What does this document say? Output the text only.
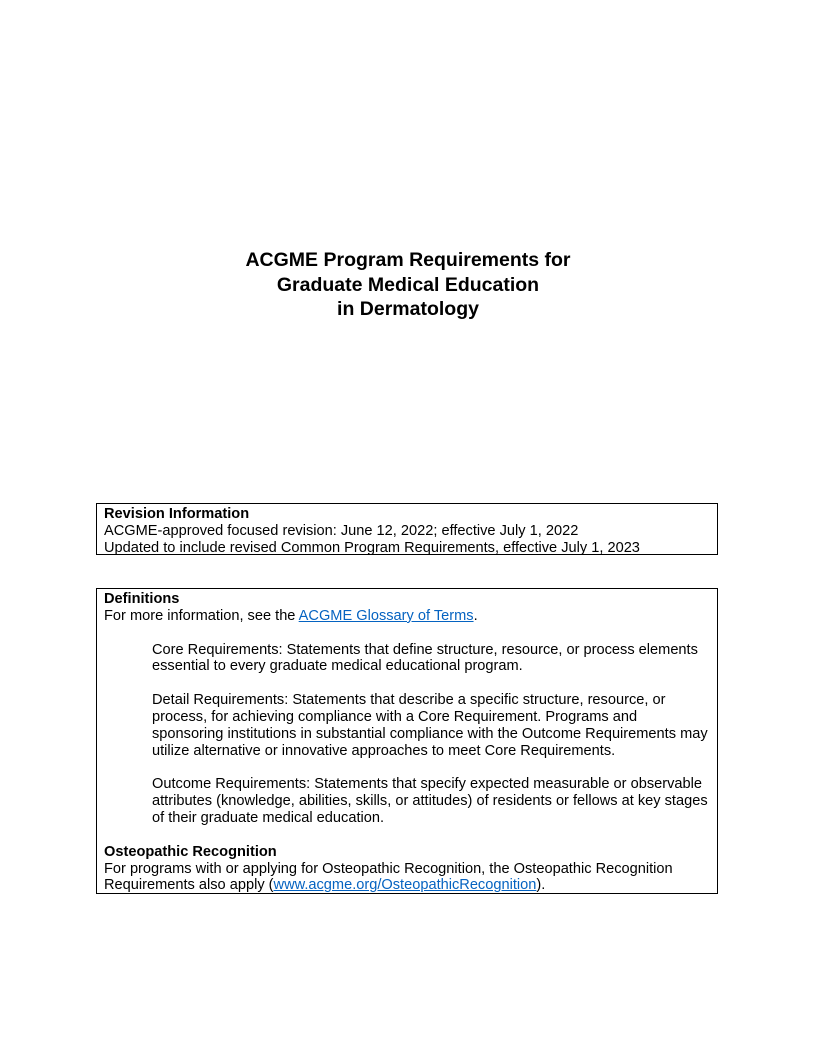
ACGME Program Requirements for

Graduate Medical Education

in Dermatology

Revision Information

ACGME-approved focused revision: June 12, 2022; effective July 1, 2022

Updated to include revised Common Program Requirements, effective July 1, 2023

Definitions

For more information, see the ACGME Glossary of Terms.

Core Requirements: Statements that define structure, resource, or process elements essential to every graduate medical educational program.

Detail Requirements: Statements that describe a specific structure, resource, or process, for achieving compliance with a Core Requirement. Programs and sponsoring institutions in substantial compliance with the Outcome Requirements may utilize alternative or innovative approaches to meet Core Requirements.

Outcome Requirements: Statements that specify expected measurable or observable attributes (knowledge, abilities, skills, or attitudes) of residents or fellows at key stages of their graduate medical education.

Osteopathic Recognition

For programs with or applying for Osteopathic Recognition, the Osteopathic Recognition Requirements also apply (www.acgme.org/OsteopathicRecognition).
